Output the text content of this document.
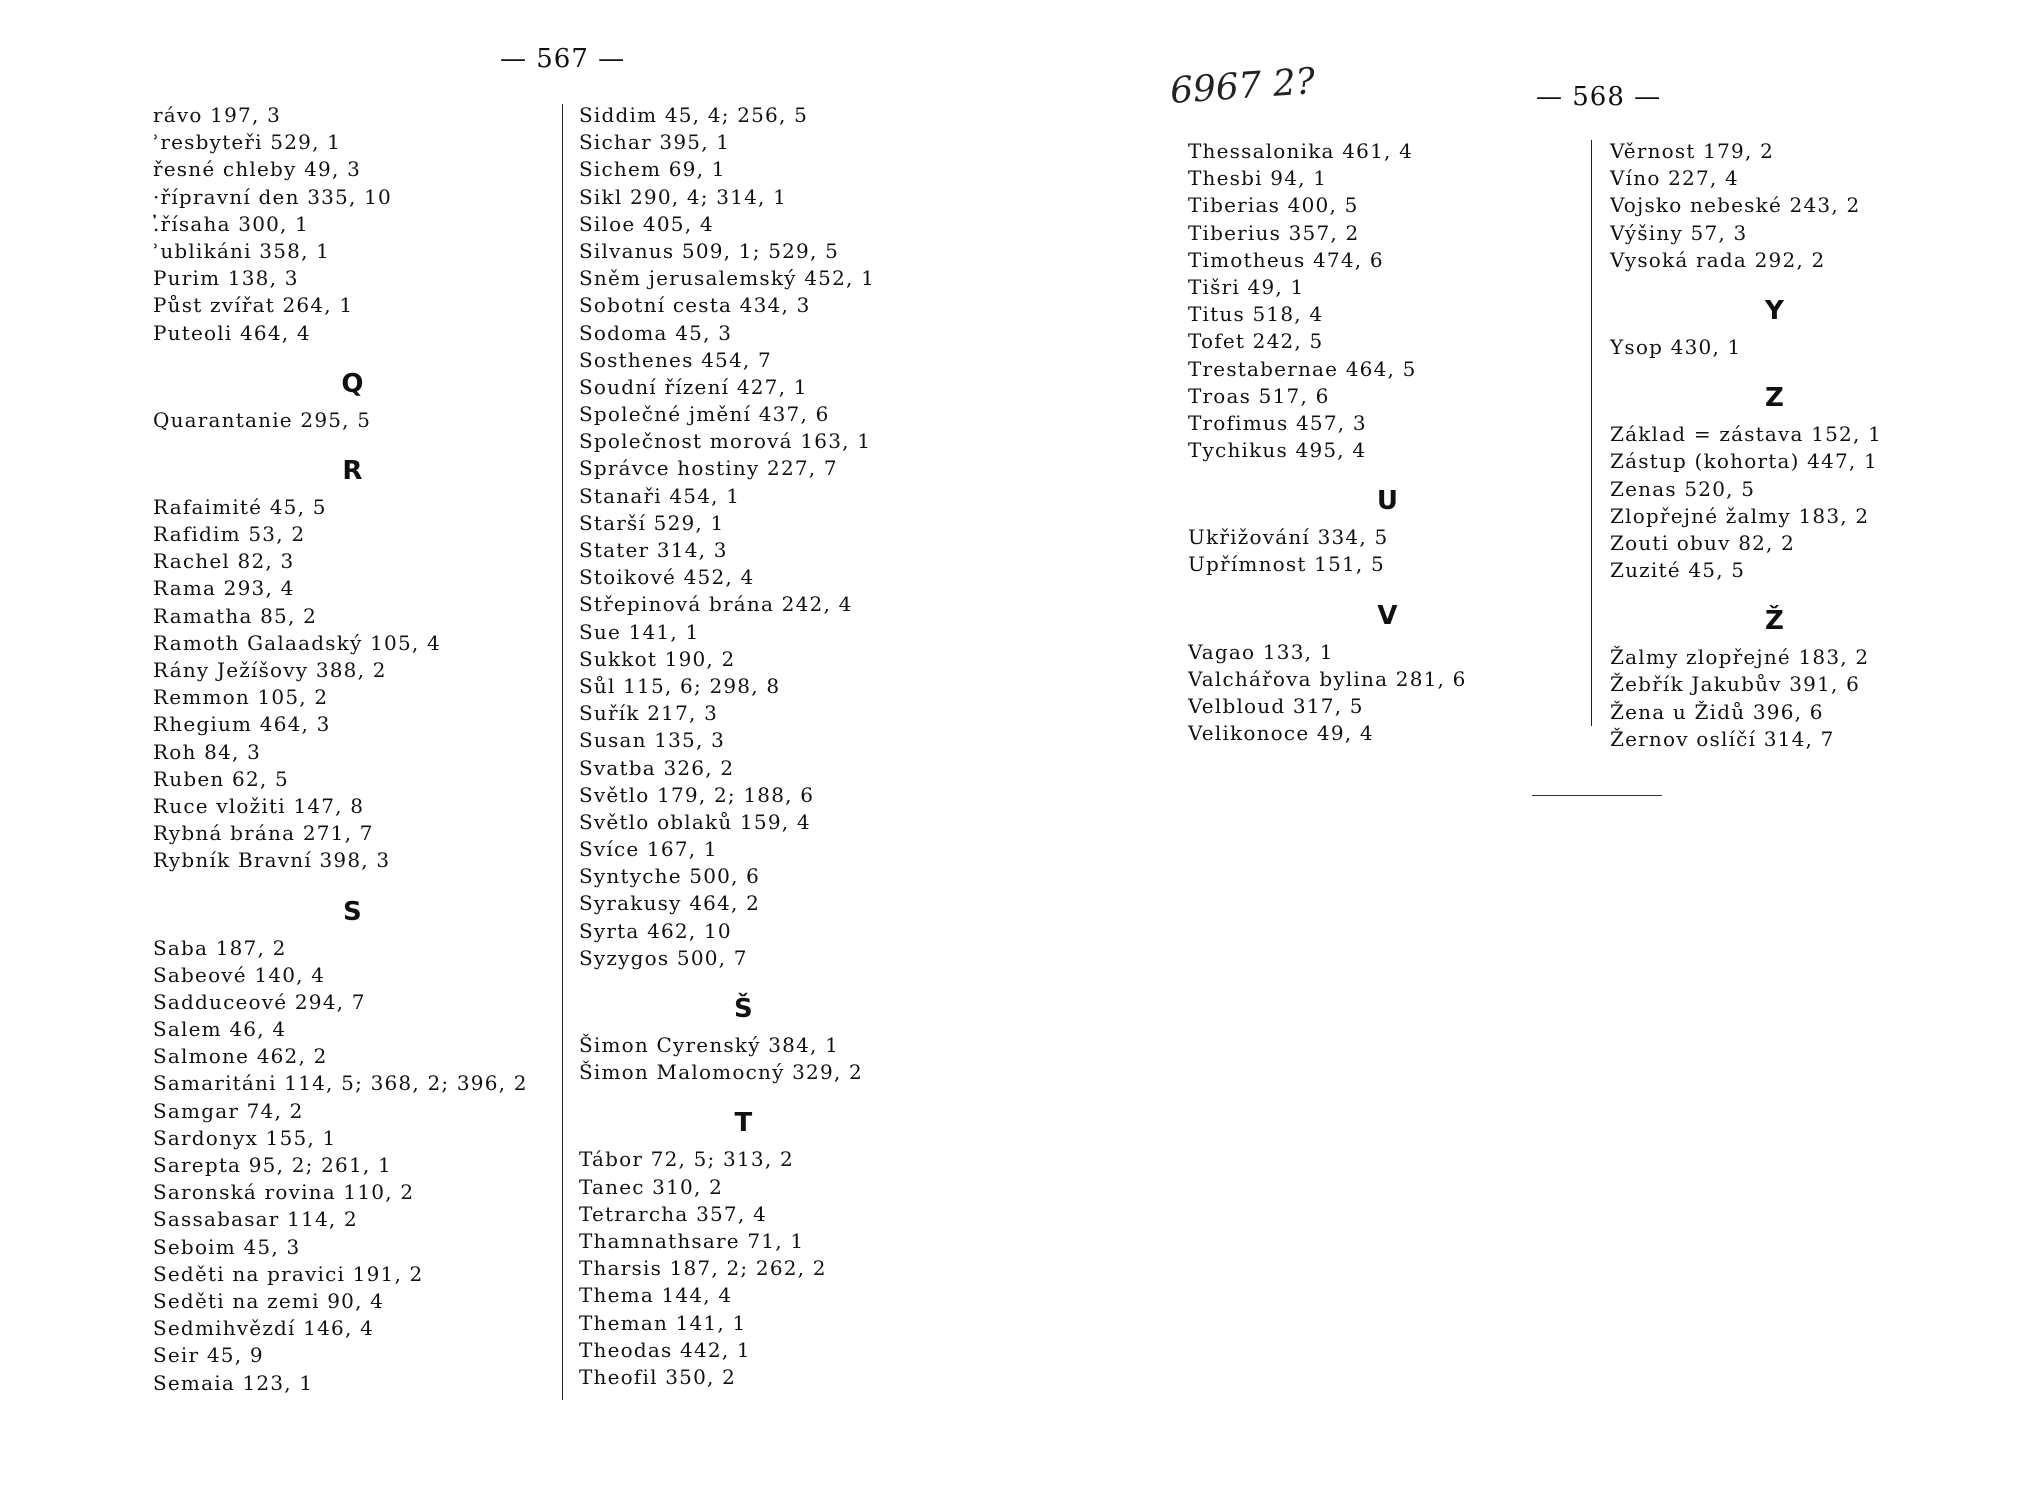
— 567 —
rávo 197, 3
ʾresbyteři 529, 1
řesné chleby 49, 3
·řípravní den 335, 10
.̓řísaha 300, 1
ʾublikáni 358, 1
Purim 138, 3
Půst zvířat 264, 1
Puteoli 464, 4
Q
Quarantanie 295, 5
R
Rafaimité 45, 5
Rafidim 53, 2
Rachel 82, 3
Rama 293, 4
Ramatha 85, 2
Ramoth Galaadský 105, 4
Rány Ježíšovy 388, 2
Remmon 105, 2
Rhegium 464, 3
Roh 84, 3
Ruben 62, 5
Ruce vložiti 147, 8
Rybná brána 271, 7
Rybník Bravní 398, 3
S
Saba 187, 2
Sabeové 140, 4
Sadduceové 294, 7
Salem 46, 4
Salmone 462, 2
Samaritáni 114, 5; 368, 2; 396, 2
Samgar 74, 2
Sardonyx 155, 1
Sarepta 95, 2; 261, 1
Saronská rovina 110, 2
Sassabasar 114, 2
Seboim 45, 3
Seděti na pravici 191, 2
Seděti na zemi 90, 4
Sedmihvězdí 146, 4
Seir 45, 9
Semaia 123, 1
Siddim 45, 4; 256, 5
Sichar 395, 1
Sichem 69, 1
Sikl 290, 4; 314, 1
Siloe 405, 4
Silvanus 509, 1; 529, 5
Sněm jerusalemský 452, 1
Sobotní cesta 434, 3
Sodoma 45, 3
Sosthenes 454, 7
Soudní řízení 427, 1
Společné jmění 437, 6
Společnost morová 163, 1
Správce hostiny 227, 7
Stanaři 454, 1
Starší 529, 1
Stater 314, 3
Stoikové 452, 4
Střepinová brána 242, 4
Sue 141, 1
Sukkot 190, 2
Sůl 115, 6; 298, 8
Suřík 217, 3
Susan 135, 3
Svatba 326, 2
Světlo 179, 2; 188, 6
Světlo oblaků 159, 4
Svíce 167, 1
Syntyche 500, 6
Syrakusy 464, 2
Syrta 462, 10
Syzygos 500, 7
Š
Šimon Cyrenský 384, 1
Šimon Malomocný 329, 2
T
Tábor 72, 5; 313, 2
Tanec 310, 2
Tetrarcha 357, 4
Thamnathsare 71, 1
Tharsis 187, 2; 262, 2
Thema 144, 4
Theman 141, 1
Theodas 442, 1
Theofil 350, 2
6967 2?	— 568 —
Thessalonika 461, 4
Thesbi 94, 1
Tiberias 400, 5
Tiberius 357, 2
Timotheus 474, 6
Tišri 49, 1
Titus 518, 4
Tofet 242, 5
Trestabernae 464, 5
Troas 517, 6
Trofimus 457, 3
Tychikus 495, 4
U
Ukřižování 334, 5
Upřímnost 151, 5
V
Vagao 133, 1
Valchářova bylina 281, 6
Velbloud 317, 5
Velikonoce 49, 4
Věrnost 179, 2
Víno 227, 4
Vojsko nebeské 243, 2
Výšiny 57, 3
Vysoká rada 292, 2
Y
Ysop 430, 1
Z
Základ = zástava 152, 1
Zástup (kohorta) 447, 1
Zenas 520, 5
Zlopřejné žalmy 183, 2
Zouti obuv 82, 2
Zuzité 45, 5
Ž
Žalmy zlopřejné 183, 2
Žebřík Jakubův 391, 6
Žena u Židů 396, 6
Žernov oslíčí 314, 7
